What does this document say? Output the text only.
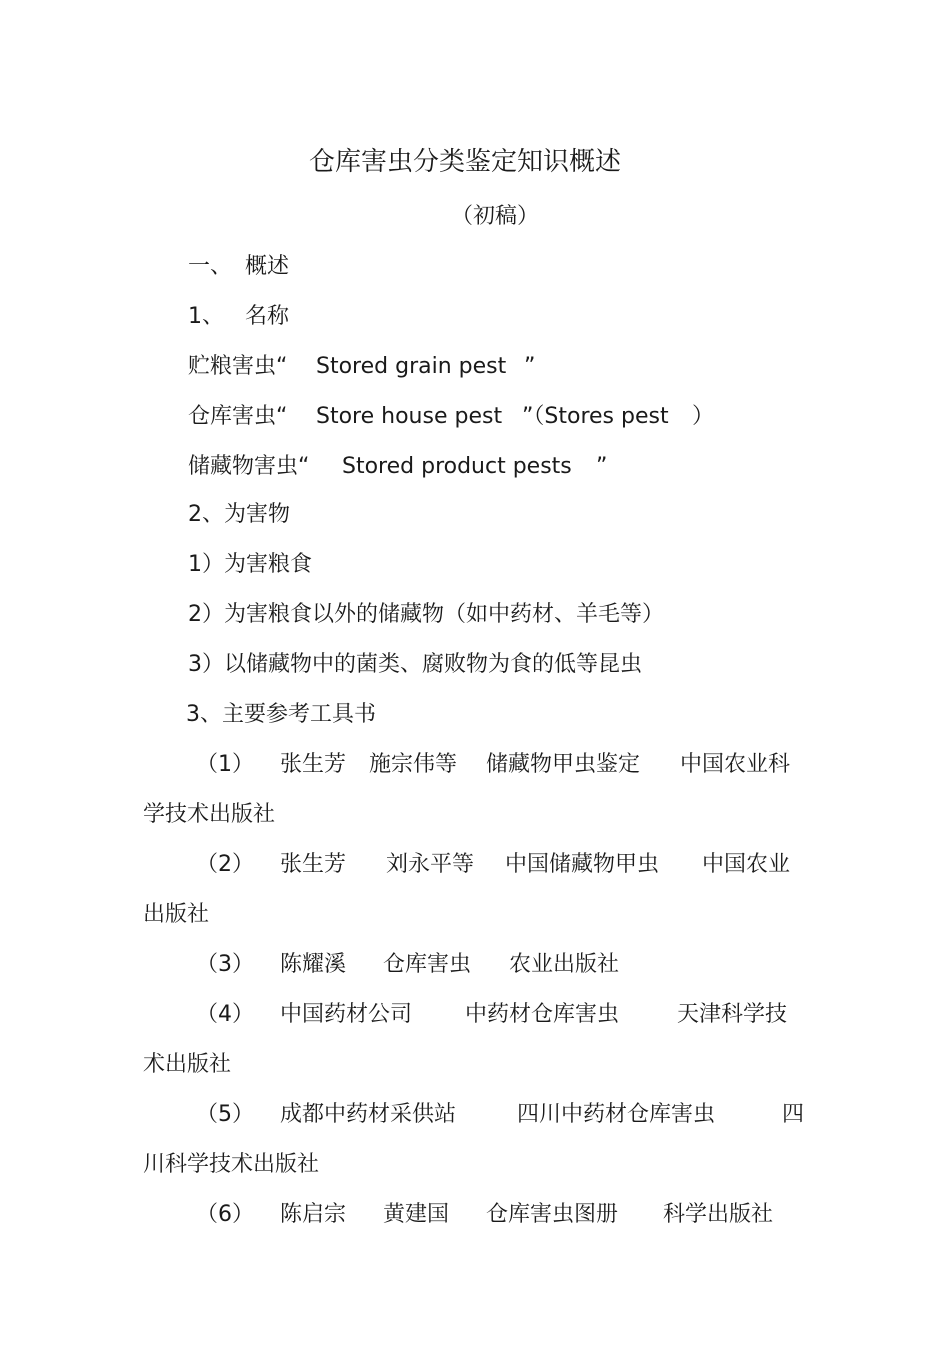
仓库害虫分类鉴定知识概述
（初稿）
一、 概述
1、 名称
贮粮害虫“ Stored grain pest ”
仓库害虫“ Store house pest ”（Stores pest ）
储藏物害虫“ Stored product pests ”
2、为害物
1）为害粮食
2）为害粮食以外的储藏物（如中药材、羊毛等）
3）以储藏物中的菌类、腐败物为食的低等昆虫
3、主要参考工具书
（1） 张生芳 施宗伟等 储藏物甲虫鉴定 中国农业科
学技术出版社
（2） 张生芳 刘永平等 中国储藏物甲虫 中国农业
出版社
（3） 陈耀溪 仓库害虫 农业出版社
（4） 中国药材公司 中药材仓库害虫	天津科学技
术出版社
（5） 成都中药材采供站	四川中药材仓库害虫	四
川科学技术出版社
（6） 陈启宗 黄建国 仓库害虫图册 科学出版社
